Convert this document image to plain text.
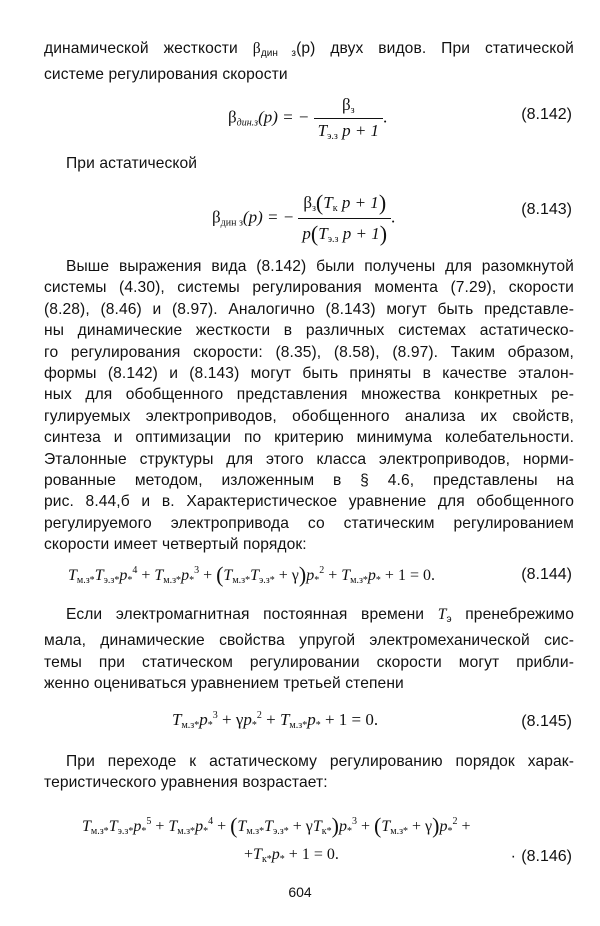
динамической жесткости $\beta_{дин з}(p)$ двух видов. При статической
системе регулирования скорости
$\beta_{дин.з}(p)$ = − $\frac{\beta_з}{T_{э.з} p + 1}$ .	(8.142)
При астатической
$\beta_{дин з}(p)$ = − $\frac{\beta_з(T_к p + 1)}{p(T_{э.з} p + 1)}$ .	(8.143)
Выше выражения вида (8.142) были получены для разомкнутой
системы (4.30), системы регулирования момента (7.29), скорости
(8.28), (8.46) и (8.97). Аналогично (8.143) могут быть представле-
ны динамические жесткости в различных системах астатическо-
го регулирования скорости: (8.35), (8.58), (8.97). Таким образом,
формы (8.142) и (8.143) могут быть приняты в качестве эталон-
ных для обобщенного представления множества конкретных ре-
гулируемых электроприводов, обобщенного анализа их свойств,
синтеза и оптимизации по критерию минимума колебательности.
Эталонные структуры для этого класса электроприводов, норми-
рованные методом, изложенным в § 4.6, представлены на
рис. 8.44,б и в. Характеристическое уравнение для обобщенного
регулируемого электропривода со статическим регулированием
скорости имеет четвертый порядок:
$T_{м.з*}T_{э.з*}p_*^4 + T_{м.з*}p_*^3 + (T_{м.з*}T_{э.з*} + \gamma)p_*^2 + T_{м.з*}p_* + 1 = 0$.	(8.144)
Если электромагнитная постоянная времени $T_э$ пренебрежимо
мала, динамические свойства упругой электромеханической сис-
темы при статическом регулировании скорости могут прибли-
женно оцениваться уравнением третьей степени
$T_{м.з*}p_*^3 + \gamma p_*^2 + T_{м.з*}p_* + 1 = 0$.	(8.145)
При переходе к астатическому регулированию порядок харак-
теристического уравнения возрастает:
$T_{м.з*}T_{э.з*}p_*^5 + T_{м.з*}p_*^4 + (T_{м.з*}T_{э.з*} + \gamma T_{к*})p_*^3 + (T_{м.з*} + \gamma)p_*^2$ +
$+T_{к*}p_* + 1 = 0$.	· (8.146)
604
